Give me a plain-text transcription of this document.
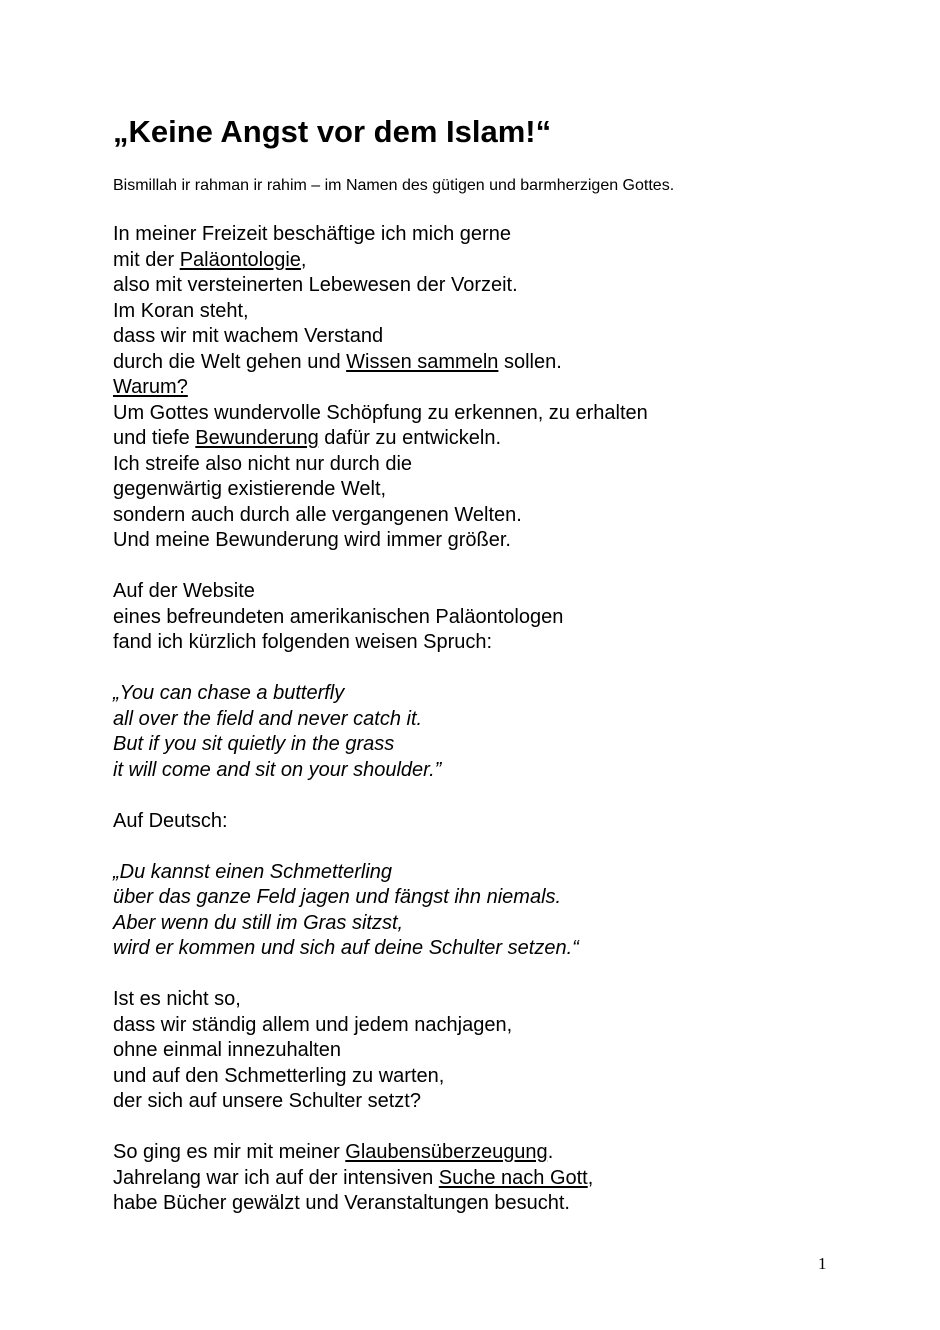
„Keine Angst vor dem Islam!“
Bismillah ir rahman ir rahim – im Namen des gütigen und barmherzigen Gottes.
In meiner Freizeit beschäftige ich mich gerne
mit der Paläontologie,
also mit versteinerten Lebewesen der Vorzeit.
Im Koran steht,
dass wir mit wachem Verstand
durch die Welt gehen und Wissen sammeln sollen.
Warum?
Um Gottes wundervolle Schöpfung zu erkennen, zu erhalten
und tiefe Bewunderung dafür zu entwickeln.
Ich streife also nicht nur durch die
gegenwärtig existierende Welt,
sondern auch durch alle vergangenen Welten.
Und meine Bewunderung wird immer größer.
Auf der Website
eines befreundeten amerikanischen Paläontologen
fand ich kürzlich folgenden weisen Spruch:
„You can chase a butterfly
all over the field and never catch it.
But if you sit quietly in the grass
it will come and sit on your shoulder.”
Auf Deutsch:
„Du kannst einen Schmetterling
über das ganze Feld jagen und fängst ihn niemals.
Aber wenn du still im Gras sitzst,
wird er kommen und sich auf deine Schulter setzen.“
Ist es nicht so,
dass wir ständig allem und jedem nachjagen,
ohne einmal innezuhalten
und auf den Schmetterling zu warten,
der sich auf unsere Schulter setzt?
So ging es mir mit meiner Glaubensüberzeugung.
Jahrelang war ich auf der intensiven Suche nach Gott,
habe Bücher gewälzt und Veranstaltungen besucht.
1
